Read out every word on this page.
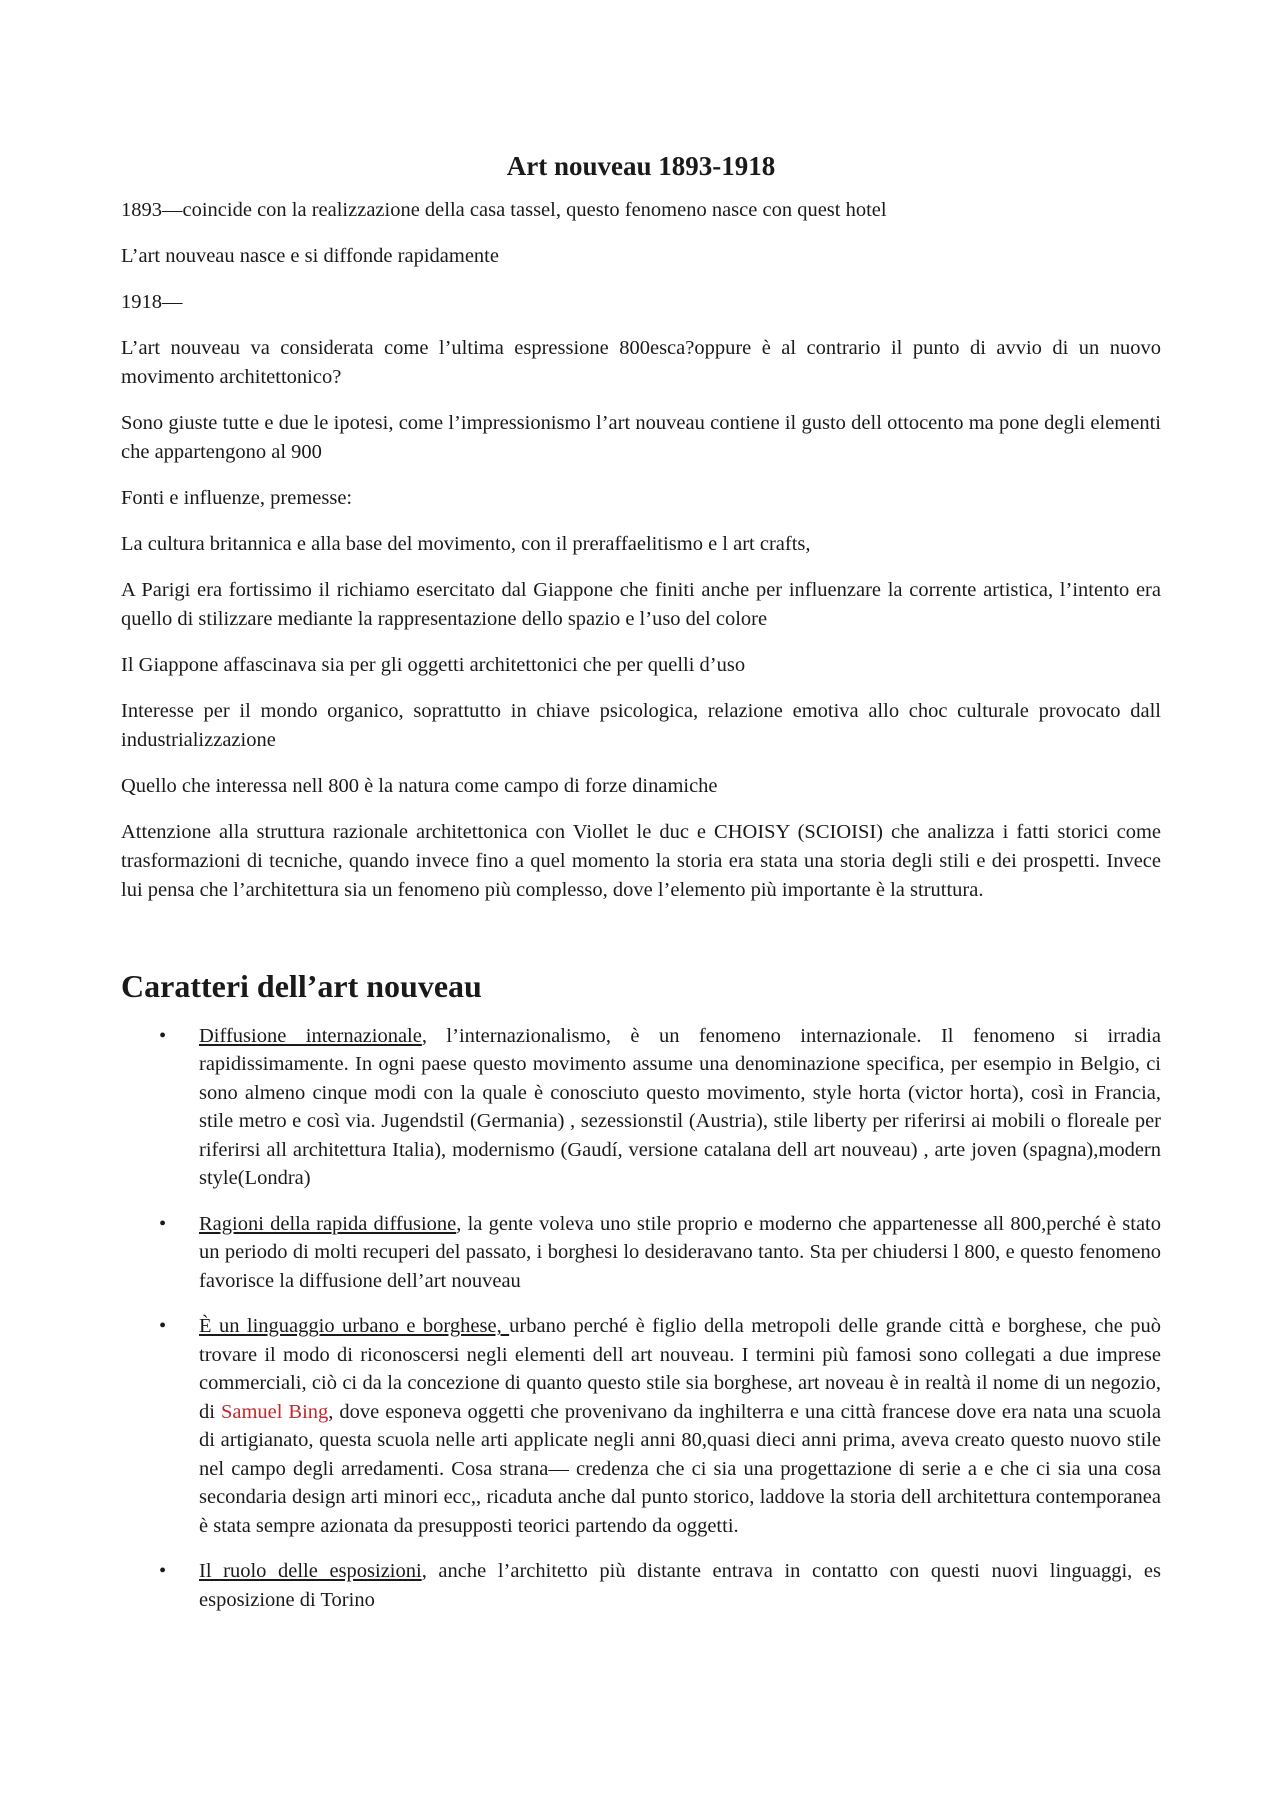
Art nouveau 1893-1918

1893—coincide con la realizzazione della casa tassel, questo fenomeno nasce con quest hotel

L’art nouveau nasce e si diffonde rapidamente

1918—

L’art nouveau va considerata come l’ultima espressione 800esca?oppure è al contrario il punto di avvio di un nuovo movimento architettonico?

Sono giuste tutte e due le ipotesi, come l’impressionismo l’art nouveau contiene il gusto dell ottocento ma pone degli elementi che appartengono al 900

Fonti e influenze, premesse:

La cultura britannica e alla base del movimento, con il preraffaelitismo e l art crafts,

A Parigi era fortissimo il richiamo esercitato dal Giappone che finiti anche per influenzare la corrente artistica, l’intento era quello di stilizzare mediante la rappresentazione dello spazio e l’uso del colore

Il Giappone affascinava sia per gli oggetti architettonici che per quelli d’uso

Interesse per il mondo organico, soprattutto in chiave psicologica, relazione emotiva allo choc culturale provocato dall industrializzazione

Quello che interessa nell 800 è la natura come campo di forze dinamiche

Attenzione alla struttura razionale architettonica con Viollet le duc e CHOISY (SCIOISI) che analizza i fatti storici come trasformazioni di tecniche, quando invece fino a quel momento la storia era stata una storia degli stili e dei prospetti. Invece lui pensa che l’architettura sia un fenomeno più complesso, dove l’elemento più importante è la struttura.

Caratteri dell’art nouveau
• Diffusione internazionale, l’internazionalismo, è un fenomeno internazionale. Il fenomeno si irradia rapidissimamente. In ogni paese questo movimento assume una denominazione specifica, per esempio in Belgio, ci sono almeno cinque modi con la quale è conosciuto questo movimento, style horta (victor horta), così in Francia, stile metro e così via. Jugendstil (Germania) , sezessionstil (Austria), stile liberty per riferirsi ai mobili o floreale per riferirsi all architettura Italia), modernismo (Gaudí, versione catalana dell art nouveau) , arte joven (spagna),modern style(Londra)
• Ragioni della rapida diffusione, la gente voleva uno stile proprio e moderno che appartenesse all 800,perché è stato un periodo di molti recuperi del passato, i borghesi lo desideravano tanto. Sta per chiudersi l 800, e questo fenomeno favorisce la diffusione dell’art nouveau
• È un linguaggio urbano e borghese, urbano perché è figlio della metropoli delle grande città e borghese, che può trovare il modo di riconoscersi negli elementi dell art nouveau. I termini più famosi sono collegati a due imprese commerciali, ciò ci da la concezione di quanto questo stile sia borghese, art noveau è in realtà il nome di un negozio, di Samuel Bing, dove esponeva oggetti che provenivano da inghilterra e una città francese dove era nata una scuola di artigianato, questa scuola nelle arti applicate negli anni 80,quasi dieci anni prima, aveva creato questo nuovo stile nel campo degli arredamenti. Cosa strana— credenza che ci sia una progettazione di serie a e che ci sia una cosa secondaria design arti minori ecc,, ricaduta anche dal punto storico, laddove la storia dell architettura contemporanea è stata sempre azionata da presupposti teorici partendo da oggetti.
• Il ruolo delle esposizioni, anche l’architetto più distante entrava in contatto con questi nuovi linguaggi, es esposizione di Torino
